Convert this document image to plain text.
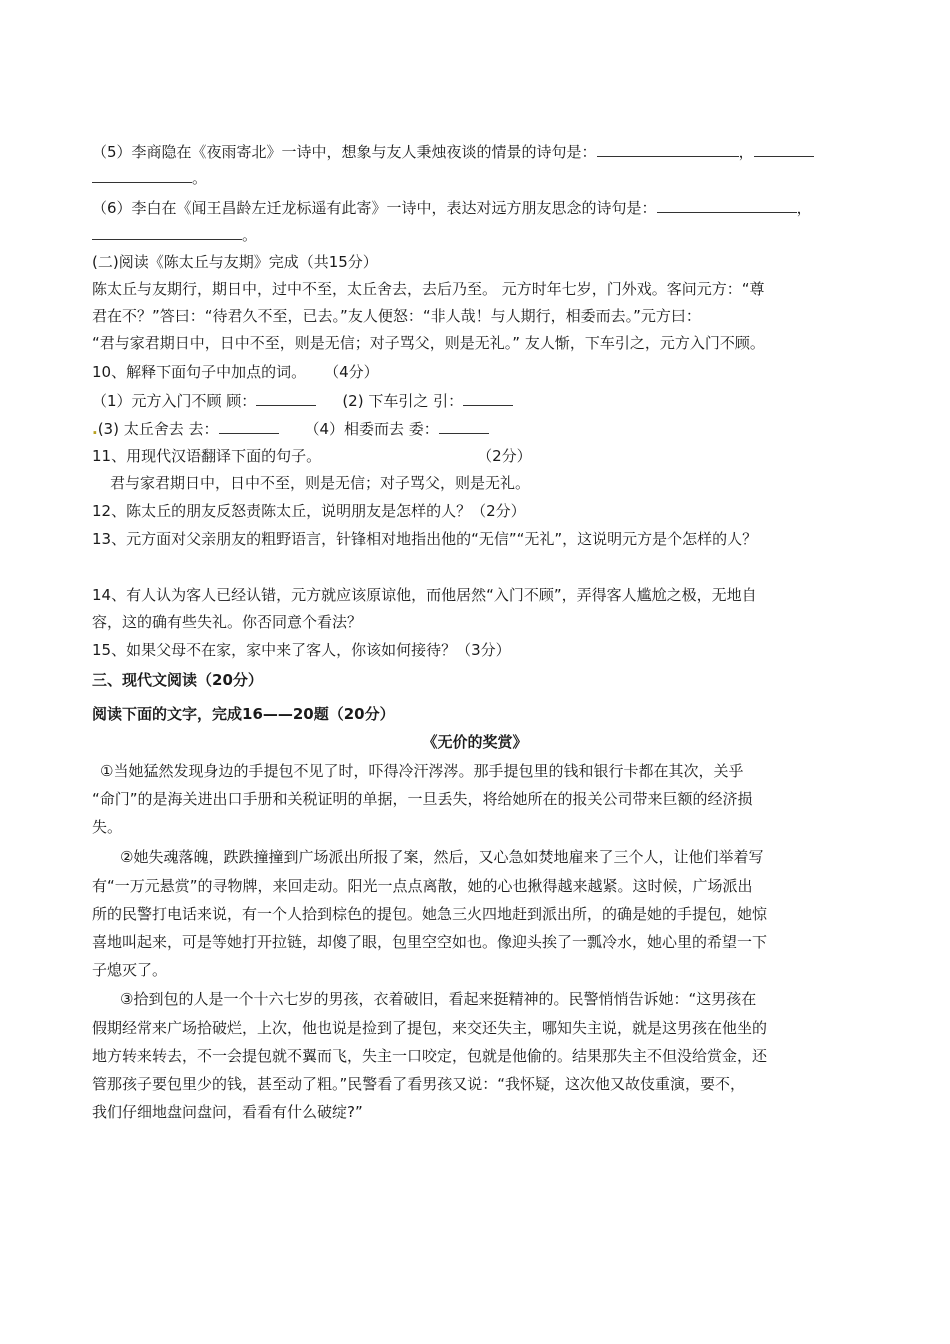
（5）李商隐在《夜雨寄北》一诗中，想象与友人秉烛夜谈的情景的诗句是：	，
。
（6）李白在《闻王昌龄左迁龙标遥有此寄》一诗中，表达对远方朋友思念的诗句是：	，
。
(二)阅读《陈太丘与友期》完成（共15分）
陈太丘与友期行，期日中，过中不至，太丘舍去，去后乃至。 元方时年七岁，门外戏。客问元方：“尊
君在不？”答曰：“待君久不至，已去。”友人便怒：“非人哉！与人期行，相委而去。”元方曰：
“君与家君期日中，日中不至，则是无信；对子骂父，则是无礼。” 友人惭，下车引之，元方入门不顾。
10、解释下面句子中加点的词。 （4分）
（1）元方入门不顾 顾：	(2) 下车引之 引：
.(3) 太丘舍去 去：	（4）相委而去 委：
11、用现代汉语翻译下面的句子。	（2分）
君与家君期日中，日中不至，则是无信；对子骂父，则是无礼。
12、陈太丘的朋友反怒责陈太丘，说明朋友是怎样的人？（2分）
13、元方面对父亲朋友的粗野语言，针锋相对地指出他的“无信”“无礼”，这说明元方是个怎样的人？
14、有人认为客人已经认错，元方就应该原谅他，而他居然“入门不顾”，弄得客人尴尬之极，无地自
容，这的确有些失礼。你否同意个看法？
15、如果父母不在家，家中来了客人，你该如何接待？（3分）
三、现代文阅读（20分）
阅读下面的文字，完成16——20题（20分）
《无价的奖赏》
①当她猛然发现身边的手提包不见了时，吓得冷汗涔涔。那手提包里的钱和银行卡都在其次，关乎
“命门”的是海关进出口手册和关税证明的单据，一旦丢失，将给她所在的报关公司带来巨额的经济损
失。
②她失魂落魄，跌跌撞撞到广场派出所报了案，然后，又心急如焚地雇来了三个人，让他们举着写
有“一万元悬赏”的寻物牌，来回走动。阳光一点点离散，她的心也揪得越来越紧。这时候，广场派出
所的民警打电话来说，有一个人拾到棕色的提包。她急三火四地赶到派出所，的确是她的手提包，她惊
喜地叫起来，可是等她打开拉链，却傻了眼，包里空空如也。像迎头挨了一瓢冷水，她心里的希望一下
子熄灭了。
③拾到包的人是一个十六七岁的男孩，衣着破旧，看起来挺精神的。民警悄悄告诉她：“这男孩在
假期经常来广场拾破烂，上次，他也说是捡到了提包，来交还失主，哪知失主说，就是这男孩在他坐的
地方转来转去，不一会提包就不翼而飞，失主一口咬定，包就是他偷的。结果那失主不但没给赏金，还
管那孩子要包里少的钱，甚至动了粗。”民警看了看男孩又说：“我怀疑，这次他又故伎重演，要不，
我们仔细地盘问盘问，看看有什么破绽?”
